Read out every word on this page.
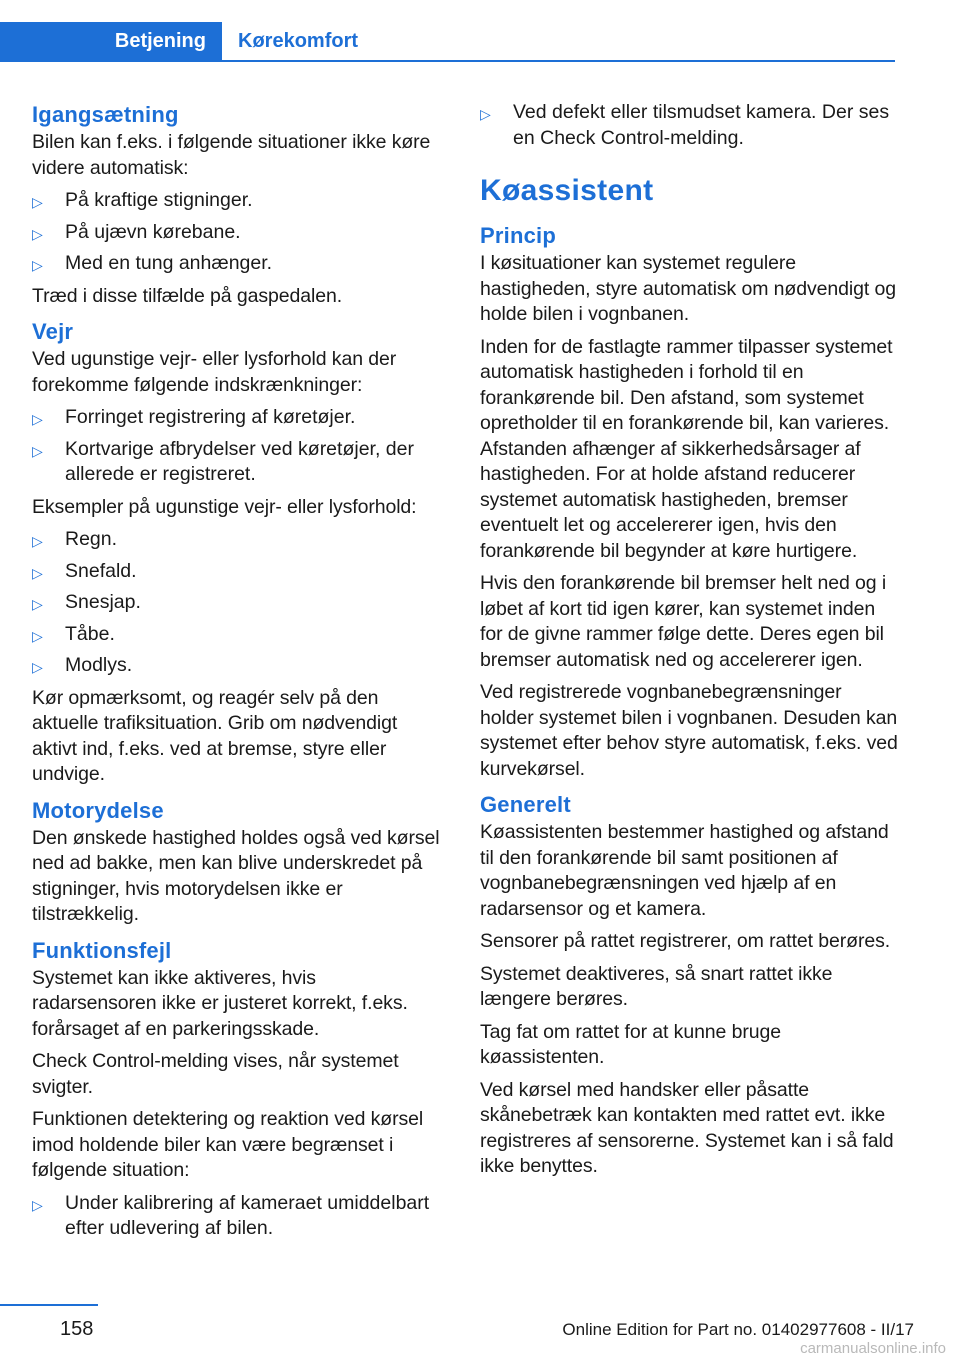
Betjening	Kørekomfort
Igangsætning

Bilen kan f.eks. i følgende situationer ikke køre videre automatisk:

▷ På kraftige stigninger.
▷ På ujævn kørebane.
▷ Med en tung anhænger.

Træd i disse tilfælde på gaspedalen.

Vejr

Ved ugunstige vejr- eller lysforhold kan der forekomme følgende indskrænkninger:

▷ Forringet registrering af køretøjer.
▷ Kortvarige afbrydelser ved køretøjer, der allerede er registreret.

Eksempler på ugunstige vejr- eller lysforhold:

▷ Regn.
▷ Snefald.
▷ Snesjap.
▷ Tåbe.
▷ Modlys.

Kør opmærksomt, og reagér selv på den aktuelle trafiksituation. Grib om nødvendigt aktivt ind, f.eks. ved at bremse, styre eller undvige.

Motorydelse

Den ønskede hastighed holdes også ved kørsel ned ad bakke, men kan blive underskredet på stigninger, hvis motorydelsen ikke er tilstrækkelig.

Funktionsfejl

Systemet kan ikke aktiveres, hvis radarsensoren ikke er justeret korrekt, f.eks. forårsaget af en parkeringsskade.

Check Control-melding vises, når systemet svigter.

Funktionen detektering og reaktion ved kørsel imod holdende biler kan være begrænset i følgende situation:

▷ Under kalibrering af kameraet umiddelbart efter udlevering af bilen.
▷ Ved defekt eller tilsmudset kamera. Der ses en Check Control-melding.
Køassistent
Princip

I køsituationer kan systemet regulere hastigheden, styre automatisk om nødvendigt og holde bilen i vognbanen.

Inden for de fastlagte rammer tilpasser systemet automatisk hastigheden i forhold til en forankørende bil. Den afstand, som systemet opretholder til en forankørende bil, kan varieres. Afstanden afhænger af sikkerhedsårsager af hastigheden. For at holde afstand reducerer systemet automatisk hastigheden, bremser eventuelt let og accelererer igen, hvis den forankørende bil begynder at køre hurtigere.

Hvis den forankørende bil bremser helt ned og i løbet af kort tid igen kører, kan systemet inden for de givne rammer følge dette. Deres egen bil bremser automatisk ned og accelererer igen.

Ved registrerede vognbanebegrænsninger holder systemet bilen i vognbanen. Desuden kan systemet efter behov styre automatisk, f.eks. ved kurvekørsel.

Generelt

Køassistenten bestemmer hastighed og afstand til den forankørende bil samt positionen af vognbanebegrænsningen ved hjælp af en radarsensor og et kamera.

Sensorer på rattet registrerer, om rattet berøres.

Systemet deaktiveres, så snart rattet ikke længere berøres.

Tag fat om rattet for at kunne bruge køassistenten.

Ved kørsel med handsker eller påsatte skånebetræk kan kontakten med rattet evt. ikke registreres af sensorerne. Systemet kan i så fald ikke benyttes.

158	Online Edition for Part no. 01402977608 - II/17
carmanualsonline.info
